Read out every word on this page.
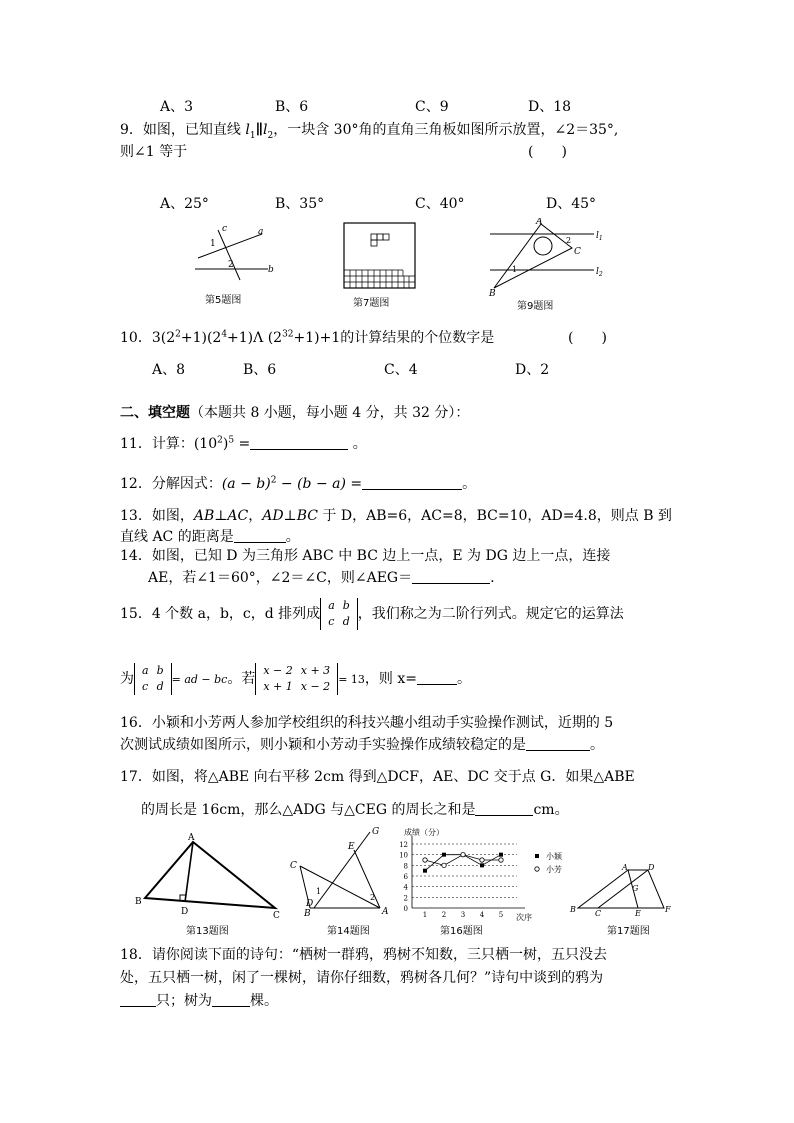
A、3	B、6	C、9	D、18
9．如图，已知直线 $l_1\parallel l_2$，一块含 30°角的直角三角板如图所示放置，∠2＝35°,
则∠1 等于	(　　)
A、25°	B、35°	C、40°	D、45°
c	a
b
1
2
第5题图	第7题图
A
B
C
$l_1$
$l_2$
1
2
第9题图
10．$3(2^2+1)(2^4+1)\Lambda$ $(2^{32}+1)+1$的计算结果的个位数字是	(　　)
A、8	B、6	C、4	D、2
二、填空题（本题共 8 小题，每小题 4 分，共 32 分）：
11．计算：$(10^2)^5$ =	。
12．分解因式：$(a - b)^2 - (b - a)$ =	。
13．如图，AB⊥AC，AD⊥BC 于 D，AB=6，AC=8，BC=10，AD=4.8，则点 B 到
直线 AC 的距离是	。
14．如图，已知 D 为三角形 ABC 中 BC 边上一点，E 为 DG 边上一点，连接
AE，若∠1＝60°，∠2＝∠C，则∠AEG＝	.
15．4 个数 a，b，c，d 排列成
a	b
c	d ，我们称之为二阶行列式。规定它的运算法
为
a	b
c	d
= ad − bc。若
x − 2	x + 3
x + 1	x − 2
= 13，则 x=	。
16．小颖和小芳两人参加学校组织的科技兴趣小组动手实验操作测试，近期的 5
次测试成绩如图所示，则小颖和小芳动手实验操作成绩较稳定的是	。
17．如图，将△ABE 向右平移 2cm 得到△DCF，AE、DC 交于点 G．如果△ABE
的周长是 16cm，那么△ADG 与△CEG 的周长之和是	cm。
A
B
C
D
第13题图
G
E
C
D
B	A
1
2
第14题图
成绩（分）
次序
0
2
4
6
8
10
12
1 2 3 4 5
小颖
小芳
第16题图
A	D
B C	E	F
G
第17题图
18．请你阅读下面的诗句：“栖树一群鸦，鸦树不知数，三只栖一树，五只没去
处，五只栖一树，闲了一棵树，请你仔细数，鸦树各几何？”诗句中谈到的鸦为
只；树为	棵。
